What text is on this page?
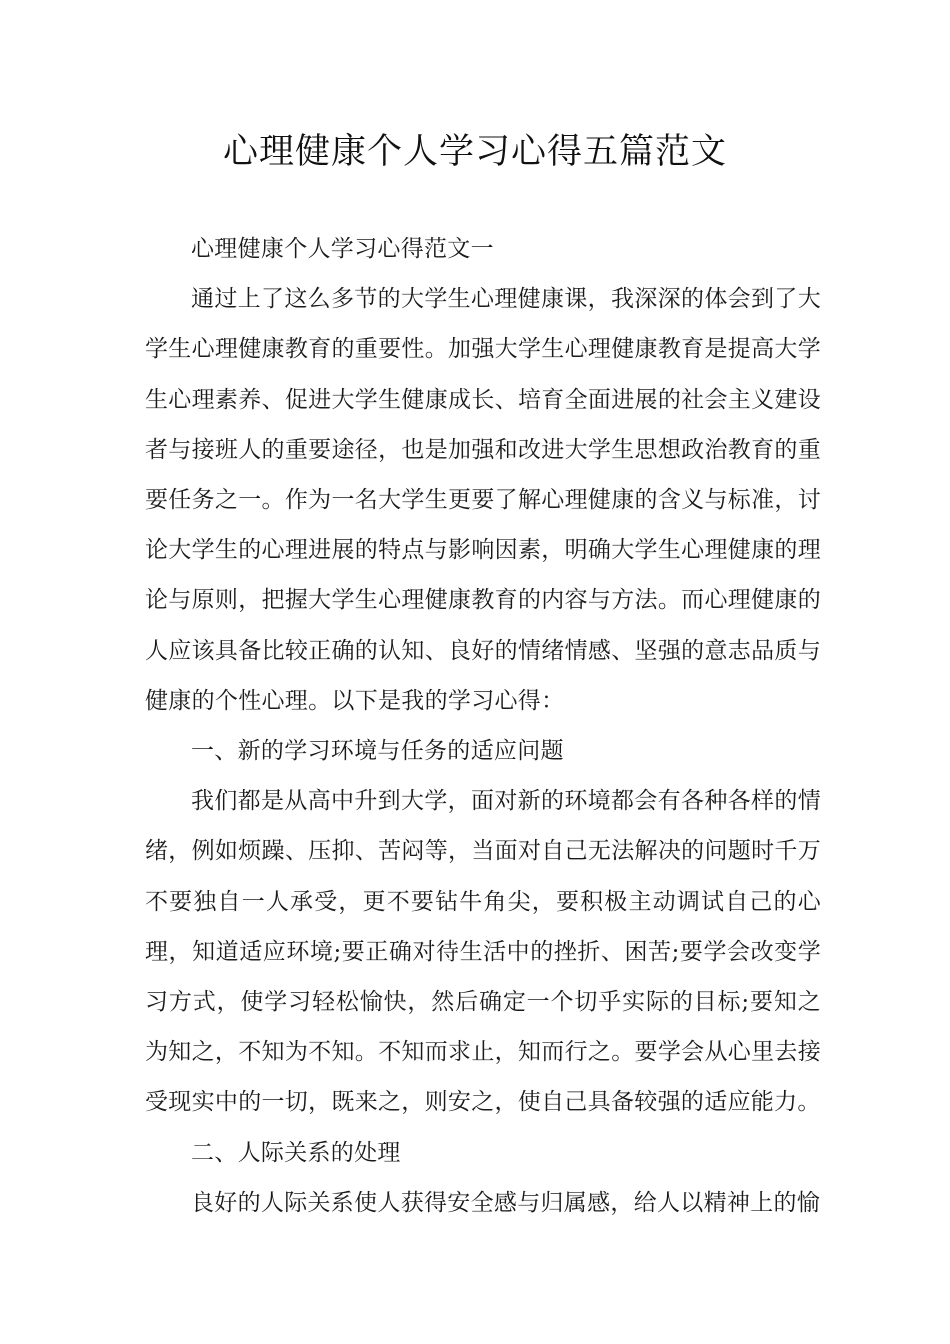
心理健康个人学习心得五篇范文

心理健康个人学习心得范文一

通过上了这么多节的大学生心理健康课，我深深的体会到了大学生心理健康教育的重要性。加强大学生心理健康教育是提高大学生心理素养、促进大学生健康成长、培育全面进展的社会主义建设者与接班人的重要途径，也是加强和改进大学生思想政治教育的重要任务之一。作为一名大学生更要了解心理健康的含义与标准，讨论大学生的心理进展的特点与影响因素，明确大学生心理健康的理论与原则，把握大学生心理健康教育的内容与方法。而心理健康的人应该具备比较正确的认知、良好的情绪情感、坚强的意志品质与健康的个性心理。以下是我的学习心得：

一、新的学习环境与任务的适应问题

我们都是从高中升到大学，面对新的环境都会有各种各样的情绪，例如烦躁、压抑、苦闷等，当面对自己无法解决的问题时千万不要独自一人承受，更不要钻牛角尖，要积极主动调试自己的心理，知道适应环境;要正确对待生活中的挫折、困苦;要学会改变学习方式，使学习轻松愉快，然后确定一个切乎实际的目标;要知之为知之，不知为不知。不知而求止，知而行之。要学会从心里去接受现实中的一切，既来之，则安之，使自己具备较强的适应能力。

二、人际关系的处理

良好的人际关系使人获得安全感与归属感，给人以精神上的愉
